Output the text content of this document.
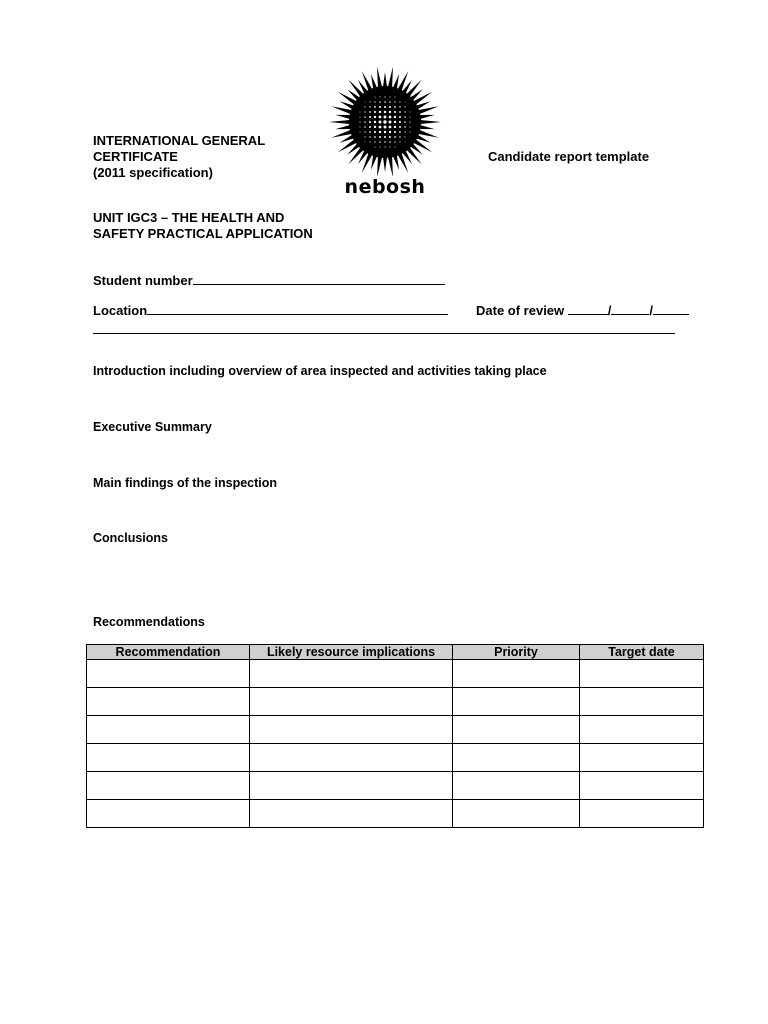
nebosh
INTERNATIONAL GENERAL
CERTIFICATE
(2011 specification)
Candidate report template
UNIT IGC3 – THE HEALTH AND
SAFETY PRACTICAL APPLICATION
Student number
Location	Date of review	/	/
Introduction including overview of area inspected and activities taking place
Executive Summary
Main findings of the inspection
Conclusions
Recommendations
Recommendation	Likely resource implications	Priority	Target date
